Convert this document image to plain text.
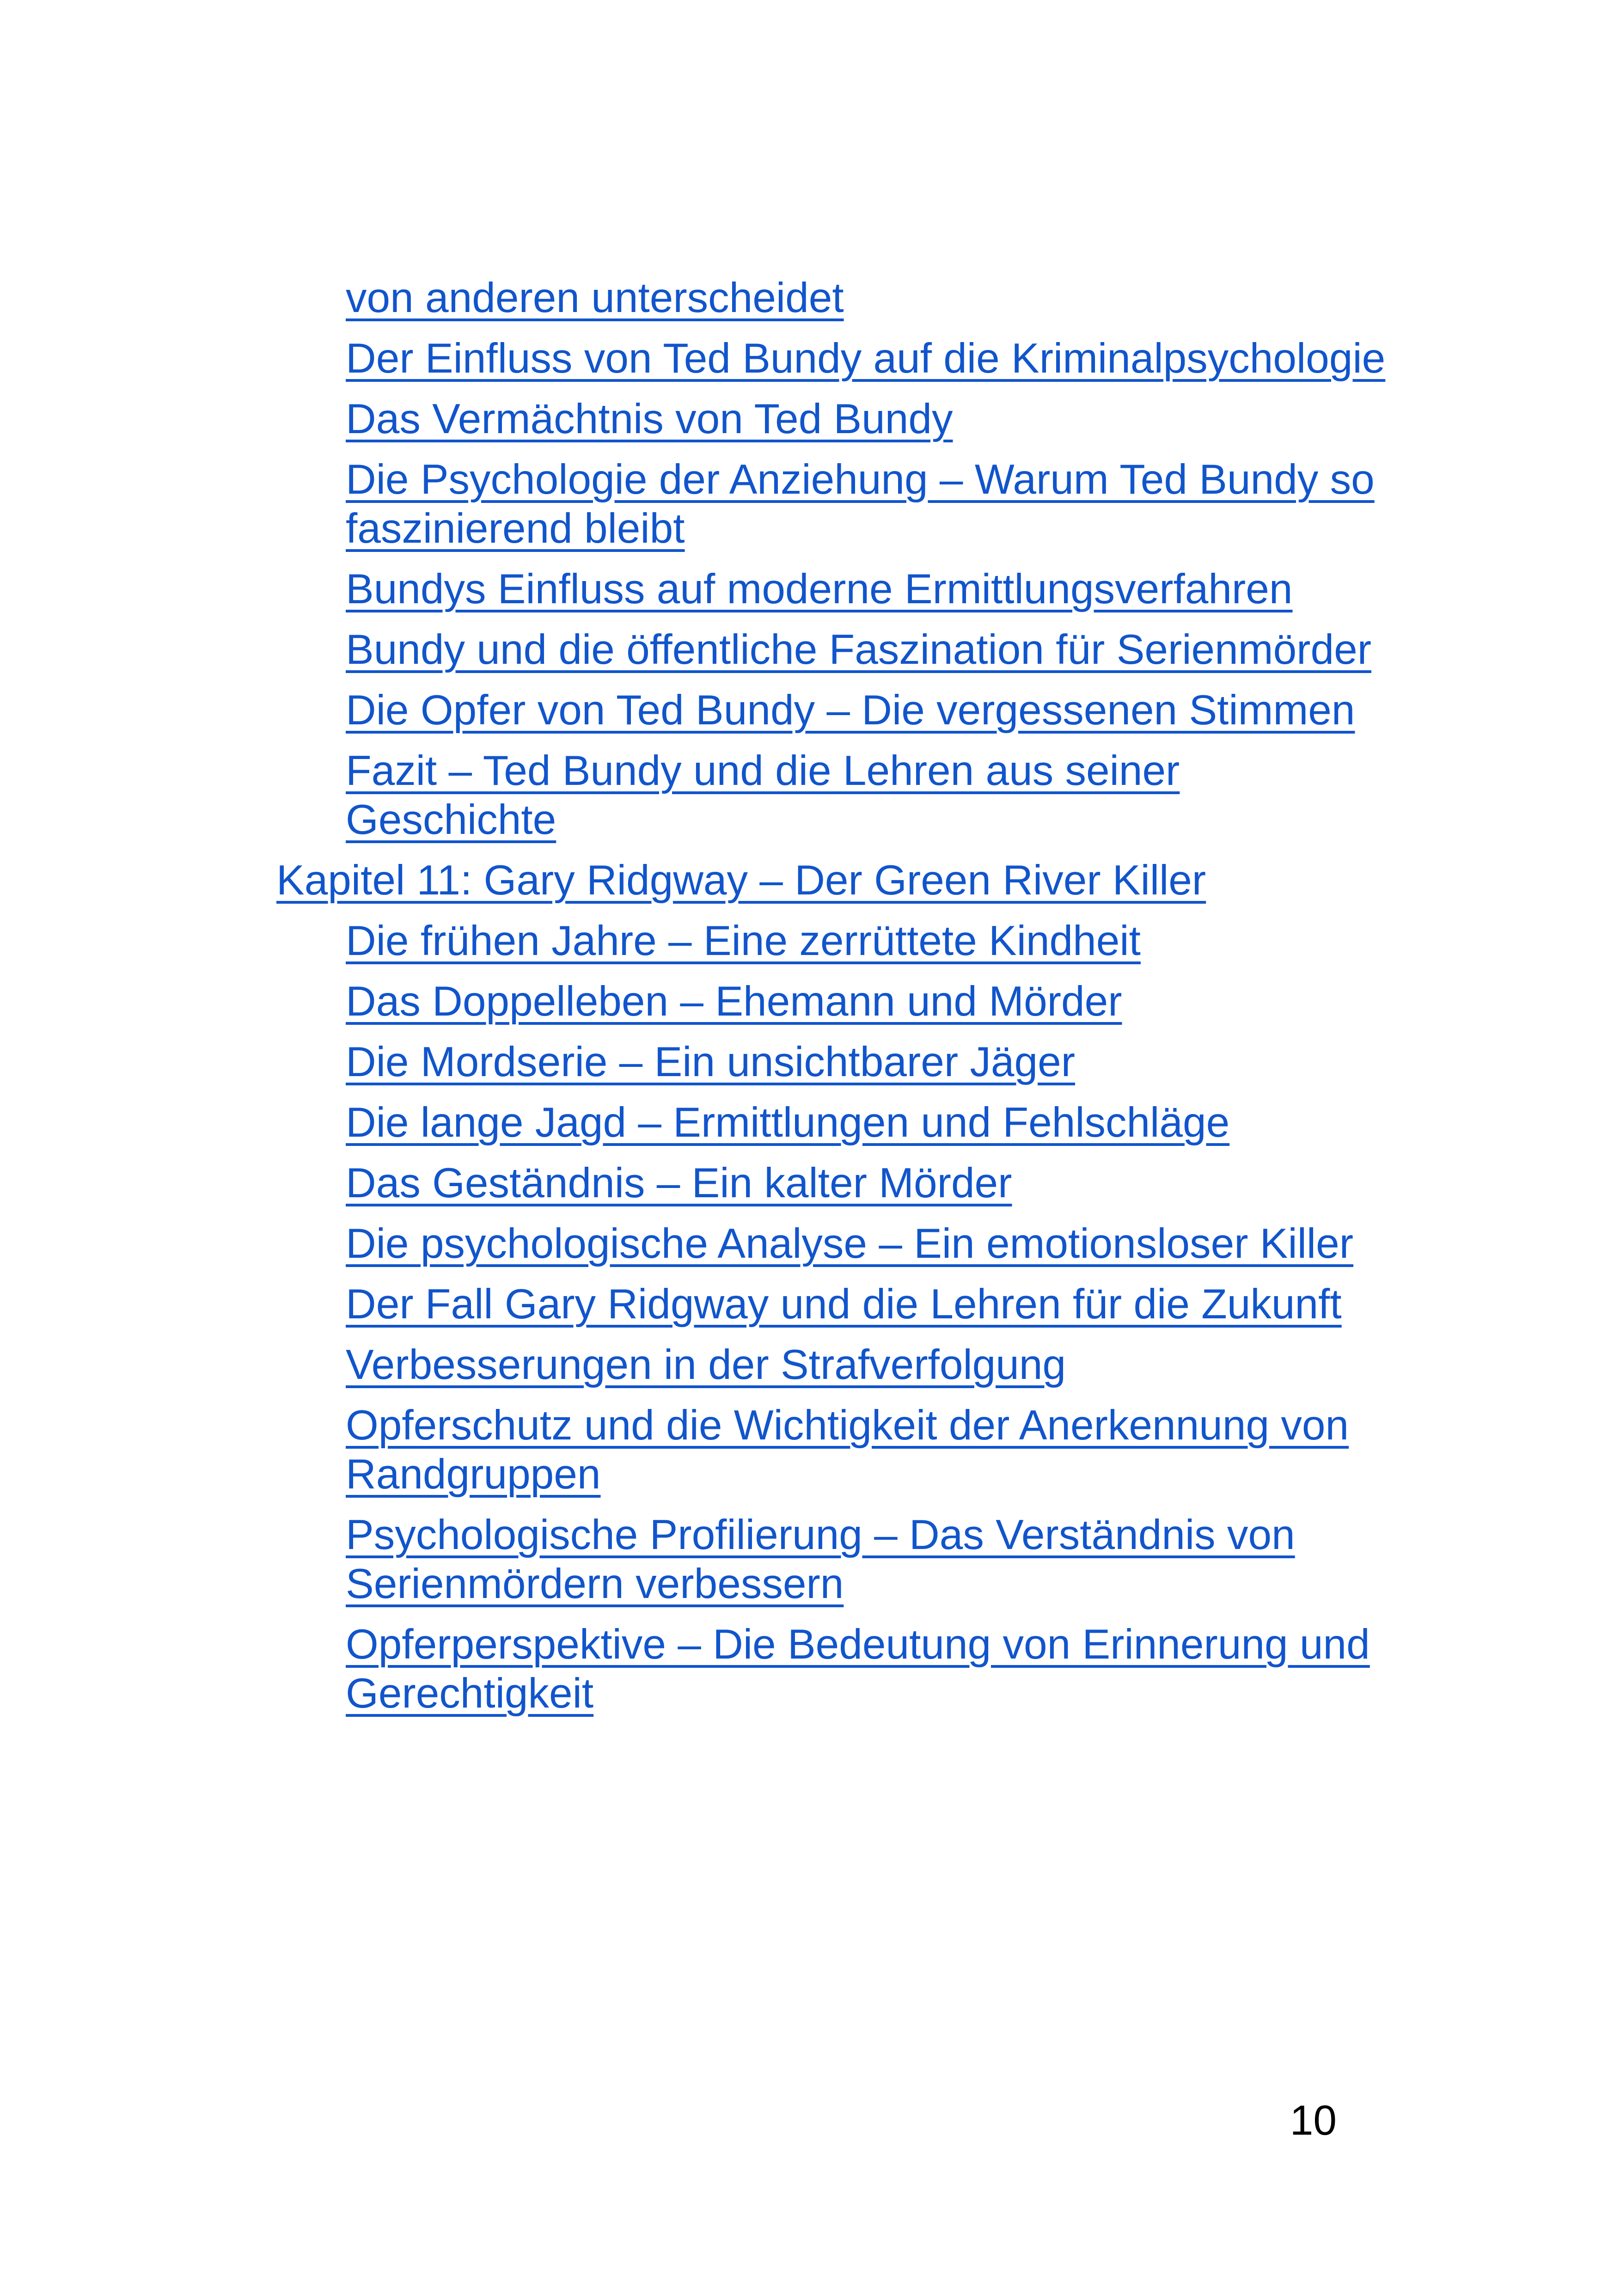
von anderen unterscheidet
Der Einfluss von Ted Bundy auf die Kriminalpsychologie
Das Vermächtnis von Ted Bundy
Die Psychologie der Anziehung – Warum Ted Bundy so faszinierend bleibt
Bundys Einfluss auf moderne Ermittlungsverfahren
Bundy und die öffentliche Faszination für Serienmörder
Die Opfer von Ted Bundy – Die vergessenen Stimmen
Fazit – Ted Bundy und die Lehren aus seiner Geschichte
Kapitel 11: Gary Ridgway – Der Green River Killer
Die frühen Jahre – Eine zerrüttete Kindheit
Das Doppelleben – Ehemann und Mörder
Die Mordserie – Ein unsichtbarer Jäger
Die lange Jagd – Ermittlungen und Fehlschläge
Das Geständnis – Ein kalter Mörder
Die psychologische Analyse – Ein emotionsloser Killer
Der Fall Gary Ridgway und die Lehren für die Zukunft
Verbesserungen in der Strafverfolgung
Opferschutz und die Wichtigkeit der Anerkennung von Randgruppen
Psychologische Profilierung – Das Verständnis von Serienmördern verbessern
Opferperspektive – Die Bedeutung von Erinnerung und Gerechtigkeit
10
